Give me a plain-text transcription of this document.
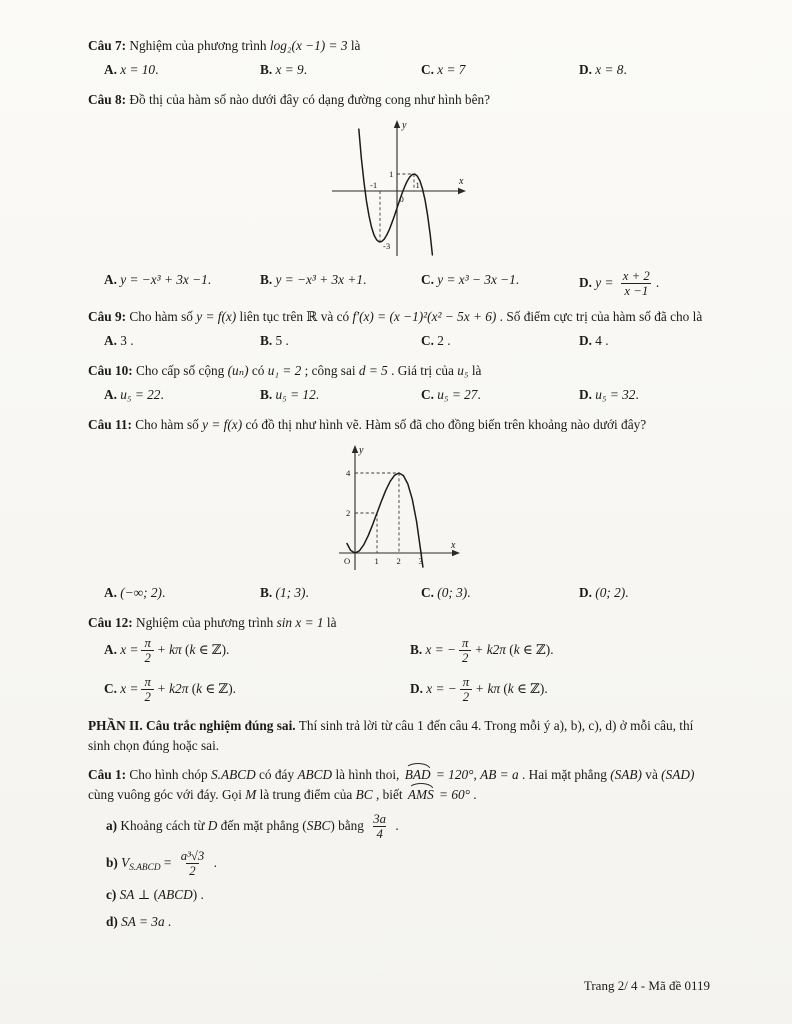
Câu 7: Nghiệm của phương trình log₂(x −1) = 3 là

A. x = 10.	B. x = 9.	C. x = 7	D. x = 8.

Câu 8: Đồ thị của hàm số nào dưới đây có dạng đường cong như hình bên?

y
x
1
-1	1
0
-3
A. y = −x³ + 3x −1.	B. y = −x³ + 3x +1.	C. y = x³ − 3x −1.	D. $y = \frac{x + 2}{x -1}$ .

Câu 9: Cho hàm số y = f(x) liên tục trên ℝ và có f′(x) = (x −1)²(x² − 5x + 6) . Số điểm cực trị của hàm số đã cho là

A. 3 .	B. 5 .	C. 2 .	D. 4 .

Câu 10: Cho cấp số cộng (uₙ) có u₁ = 2 ; công sai d = 5 . Giá trị của u₅ là

A. u₅ = 22.	B. u₅ = 12.	C. u₅ = 27.	D. u₅ = 32.

Câu 11: Cho hàm số y = f(x) có đồ thị như hình vẽ. Hàm số đã cho đồng biến trên khoảng nào dưới đây?

y
x
4
2
1 2 3
O
A. (−∞; 2).	B. (1; 3).	C. (0; 3).	D. (0; 2).

Câu 12: Nghiệm của phương trình sin x = 1 là

A. $x = \frac{\pi}{2} + k\pi$ (k ∈ ℤ).	B. x = − $\frac{\pi}{2} + k2\pi$ (k ∈ ℤ).
C. $x = \frac{\pi}{2} + k2\pi$ (k ∈ ℤ).	D. x = − $\frac{\pi}{2} + k\pi$ (k ∈ ℤ).

PHẦN II. Câu trắc nghiệm đúng sai. Thí sinh trả lời từ câu 1 đến câu 4. Trong mỗi ý a), b), c), d) ở mỗi câu, thí sinh chọn đúng hoặc sai.

Câu 1: Cho hình chóp S.ABCD có đáy ABCD là hình thoi, BAD = 120°, AB = a . Hai mặt phẳng (SAB) và (SAD) cùng vuông góc với đáy. Gọi M là trung điểm của BC , biết AMS = 60° .

a) Khoảng cách từ D đến mặt phẳng (SBC) bằng $\frac{3a}{4}$ .

b) $V_{S.ABCD} = \frac{\text{a³√3}}{2}$ .

c) SA ⊥ (ABCD) .

d) SA = 3a .

Trang 2/ 4 - Mã đề 0119
